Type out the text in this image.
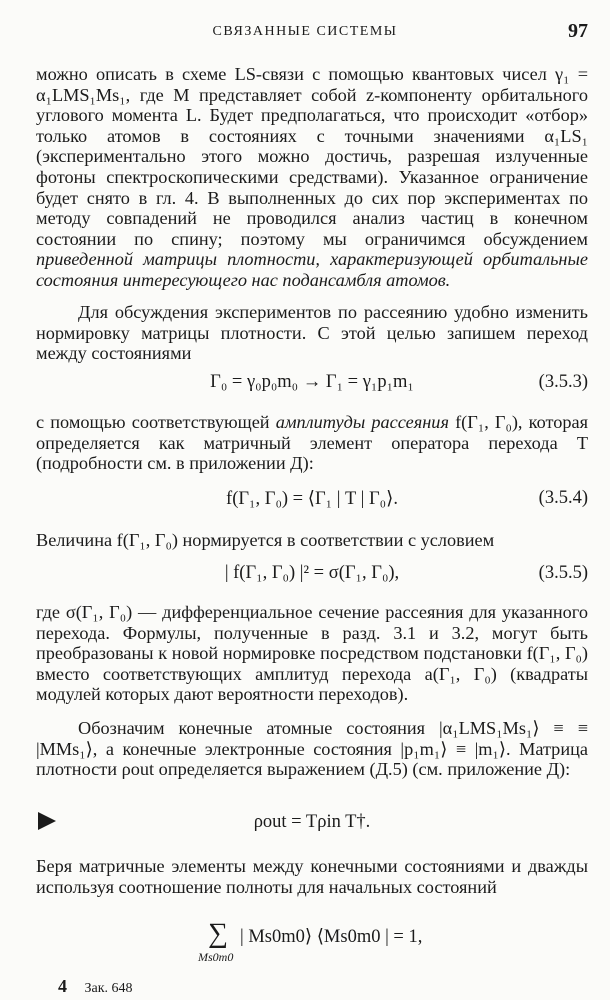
СВЯЗАННЫЕ СИСТЕМЫ	97

можно описать в схеме LS-связи с помощью квантовых чисел γ₁ = α₁LMS₁Ms₁, где M представляет собой z-компоненту орбитального углового момента L. Будет предполагаться, что происходит «отбор» только атомов в состояниях с точными значениями α₁LS₁ (экспериментально этого можно достичь, разрешая излученные фотоны спектроскопическими средствами). Указанное ограничение будет снято в гл. 4. В выполненных до сих пор экспериментах по методу совпадений не проводился анализ частиц в конечном состоянии по спину; поэтому мы ограничимся обсуждением приведенной матрицы плотности, характеризующей орбитальные состояния интересующего нас подансамбля атомов.

Для обсуждения экспериментов по рассеянию удобно изменить нормировку матрицы плотности. С этой целью запишем переход между состояниями

Γ₀ = γ₀p₀m₀ → Γ₁ = γ₁p₁m₁	(3.5.3)

с помощью соответствующей амплитуды рассеяния f(Γ₁, Γ₀), которая определяется как матричный элемент оператора перехода T (подробности см. в приложении Д):

f(Γ₁, Γ₀) = ⟨Γ₁ | T | Γ₀⟩.	(3.5.4)

Величина f(Γ₁, Γ₀) нормируется в соответствии с условием

| f(Γ₁, Γ₀) |² = σ(Γ₁, Γ₀),	(3.5.5)

где σ(Γ₁, Γ₀) — дифференциальное сечение рассеяния для указанного перехода. Формулы, полученные в разд. 3.1 и 3.2, могут быть преобразованы к новой нормировке посредством подстановки f(Γ₁, Γ₀) вместо соответствующих амплитуд перехода a(Γ₁, Γ₀) (квадраты модулей которых дают вероятности переходов).

Обозначим конечные атомные состояния |α₁LMS₁Ms₁⟩ ≡ ≡ |MMs₁⟩, а конечные электронные состояния |p₁m₁⟩ ≡ |m₁⟩. Матрица плотности ρout определяется выражением (Д.5) (см. приложение Д):

ρout = Tρin T†.

Беря матричные элементы между конечными состояниями и дважды используя соотношение полноты для начальных состояний

∑
Ms0m0
| Ms0m0⟩ ⟨Ms0m0 | = 1,
4 Зак. 648
